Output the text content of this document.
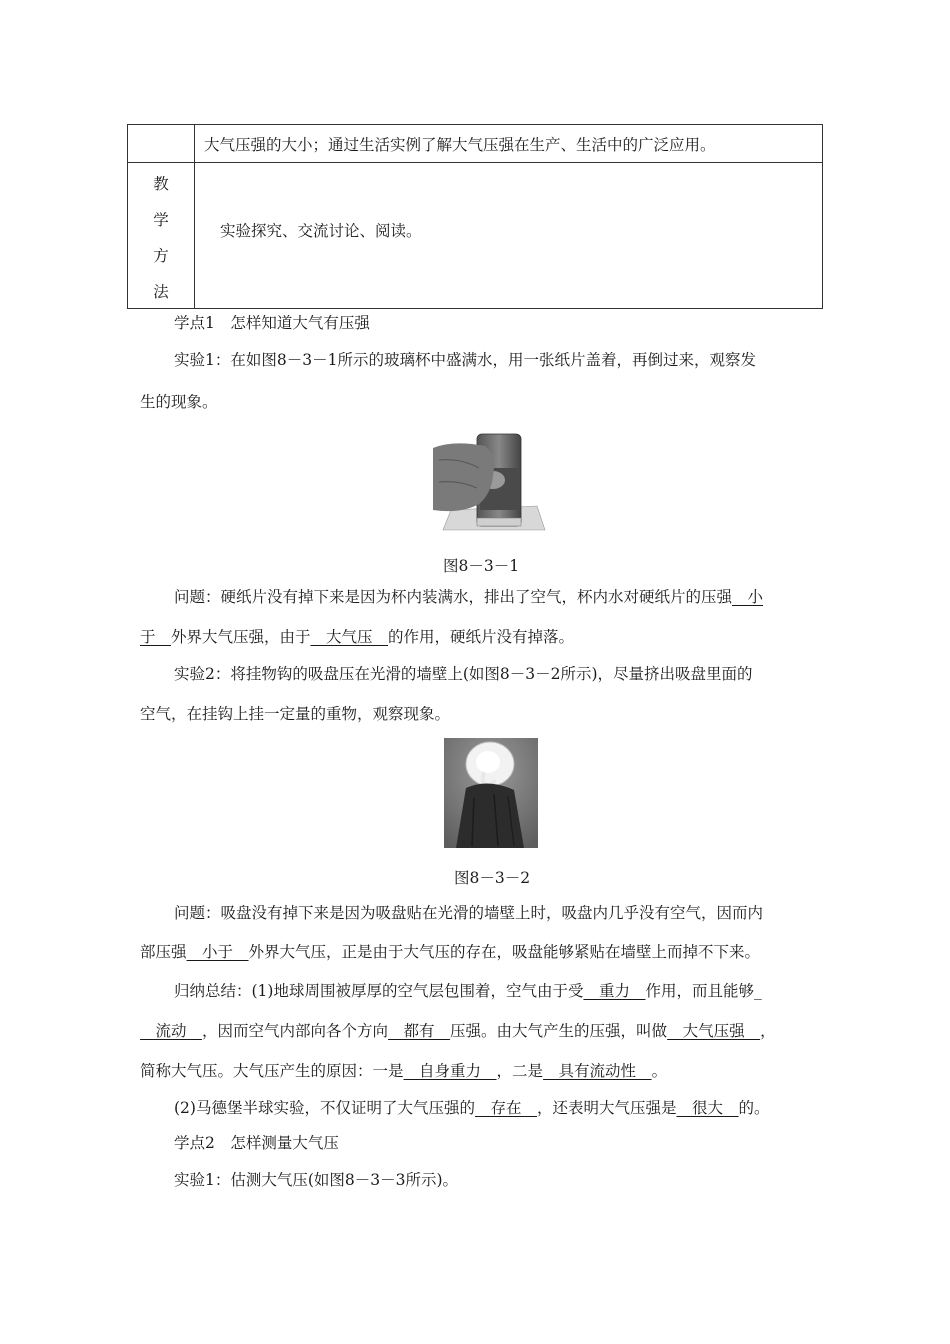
大气压强的大小；通过生活实例了解大气压强在生产、生活中的广泛应用。
教
学
方
法
实验探究、交流讨论、阅读。
学点1　怎样知道大气有压强
实验1：在如图8－3－1所示的玻璃杯中盛满水，用一张纸片盖着，再倒过来，观察发
生的现象。
图8－3－1
问题：硬纸片没有掉下来是因为杯内装满水，排出了空气，杯内水对硬纸片的压强　小
于　外界大气压强，由于　大气压　的作用，硬纸片没有掉落。
实验2：将挂物钩的吸盘压在光滑的墙壁上(如图8－3－2所示)，尽量挤出吸盘里面的
空气，在挂钩上挂一定量的重物，观察现象。
图8－3－2
问题：吸盘没有掉下来是因为吸盘贴在光滑的墙壁上时，吸盘内几乎没有空气，因而内
部压强　小于　外界大气压，正是由于大气压的存在，吸盘能够紧贴在墙壁上而掉不下来。
归纳总结：(1)地球周围被厚厚的空气层包围着，空气由于受　重力　作用，而且能够_
　流动　，因而空气内部向各个方向　都有　压强。由大气产生的压强，叫做　大气压强　，
简称大气压。大气压产生的原因：一是　自身重力　，二是　具有流动性　。
(2)马德堡半球实验，不仅证明了大气压强的　存在　，还表明大气压强是　很大　的。
学点2　怎样测量大气压
实验1：估测大气压(如图8－3－3所示)。
